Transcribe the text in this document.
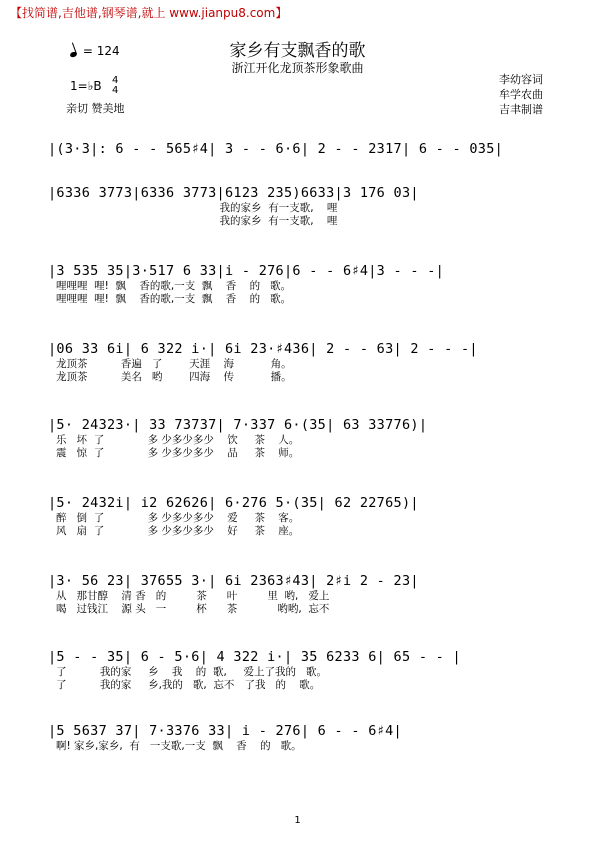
【找简谱,吉他谱,钢琴谱,就上 www.jianpu8.com】
= 124	家乡有支飘香的歌
浙江开化龙顶茶形象歌曲
1=♭B 4
4
亲切 赞美地
李幼容词
牟学农曲
吉聿制谱
|(3·3|: 6 - - 565♯4| 3 - - 6·6| 2 - - 2317| 6 - - 035|
|6336 3773|6336 3773|6123 235)6633|3 176 03|
我的家乡  有一支歌,    哩
我的家乡  有一支歌,    哩
|3 535 35|3·517 6 33|i - 276|6 - - 6♯4|3 - - -|
哩哩哩  哩!  飘    香的歌,一支  飘    香    的   歌。
哩哩哩  哩!  飘    香的歌,一支  飘    香    的   歌。
|06 33 6i| 6 322 i·| 6i 23·♯436| 2 - - 63| 2 - - -|
龙顶茶          香遍   了        天涯    海           角。
龙顶茶          美名   哟        四海    传           播。
|5· 24323·| 33 73737| 7·337 6·(35| 63 33776)|
乐   坏  了             多 少多少多少    饮     茶    人。
震   惊  了             多 少多少多少    品     茶    师。
|5· 2432i| i2 62626| 6·276 5·(35| 62 22765)|
醉   倒  了             多 少多少多少    爱     茶    客。
风   扇  了             多 少多少多少    好     茶    座。
|3· 56 23| 37655 3·| 6i 2363♯43| 2♯i 2 - 23|
从   那甘醇    清 香   的         茶      叶         里  哟,   爱上
喝   过钱江    源 头   一         杯      茶            哟哟,  忘不
|5 - - 35| 6 - 5·6| 4 322 i·| 35 6233 6| 65 - - |
了          我的家     乡    我    的  歌,     爱上了我的   歌。
了          我的家     乡,我的   歌,  忘不   了我   的    歌。
|5 5637 37| 7·3376 33| i - 276| 6 - - 6♯4|
啊! 家乡,家乡,  有   一支歌,一支  飘    香    的   歌。
1
